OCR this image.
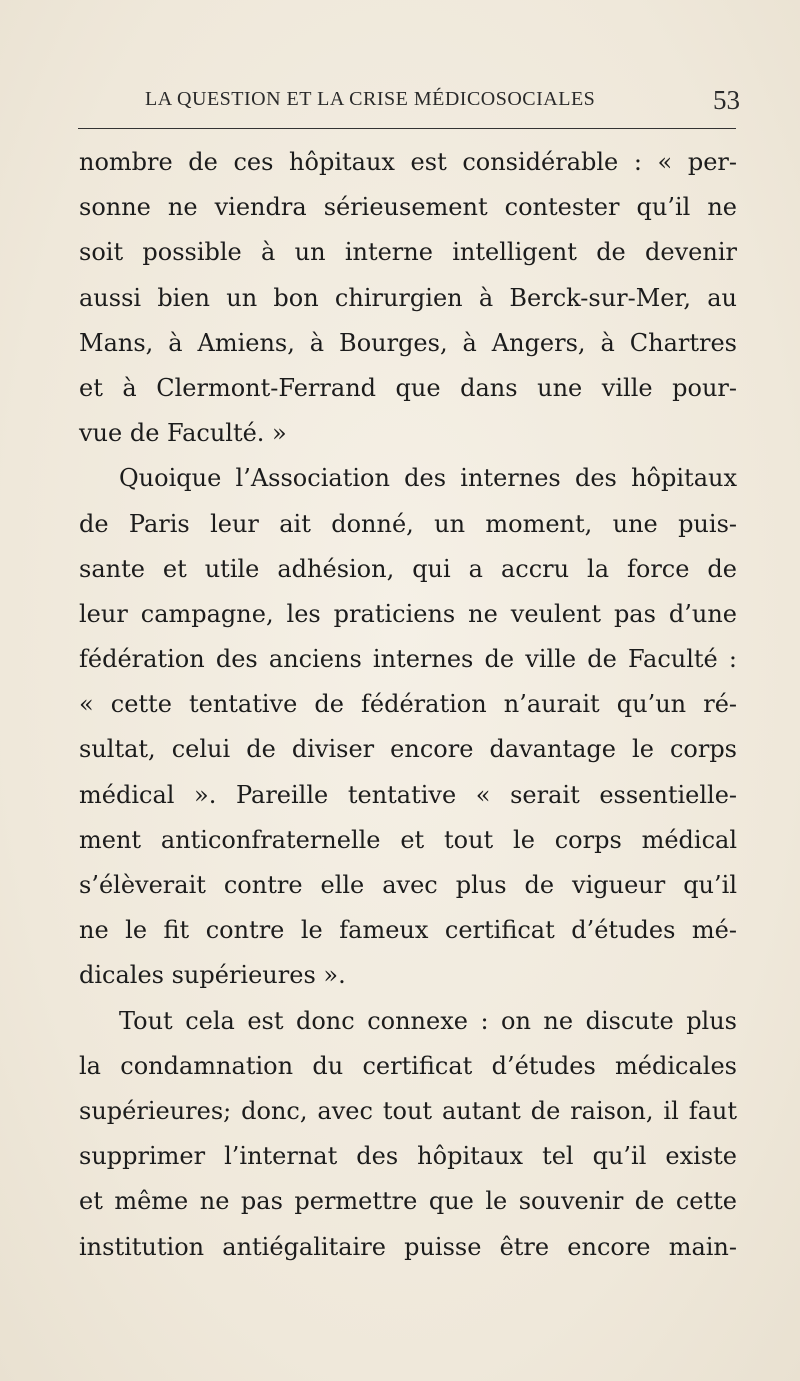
LA QUESTION ET LA CRISE MÉDICOSOCIALES	53
nombre de ces hôpitaux est considérable : « per-
sonne ne viendra sérieusement contester qu’il ne
soit possible à un interne intelligent de devenir
aussi bien un bon chirurgien à Berck-sur-Mer, au
Mans, à Amiens, à Bourges, à Angers, à Chartres
et à Clermont-Ferrand que dans une ville pour-
vue de Faculté. »
Quoique l’Association des internes des hôpitaux
de Paris leur ait donné, un moment, une puis-
sante et utile adhésion, qui a accru la force de
leur campagne, les praticiens ne veulent pas d’une
fédération des anciens internes de ville de Faculté :
« cette tentative de fédération n’aurait qu’un ré-
sultat, celui de diviser encore davantage le corps
médical ». Pareille tentative « serait essentielle-
ment anticonfraternelle et tout le corps médical
s’élèverait contre elle avec plus de vigueur qu’il
ne le fit contre le fameux certificat d’études mé-
dicales supérieures ».
Tout cela est donc connexe : on ne discute plus
la condamnation du certificat d’études médicales
supérieures; donc, avec tout autant de raison, il faut
supprimer l’internat des hôpitaux tel qu’il existe
et même ne pas permettre que le souvenir de cette
institution antiégalitaire puisse être encore main-
